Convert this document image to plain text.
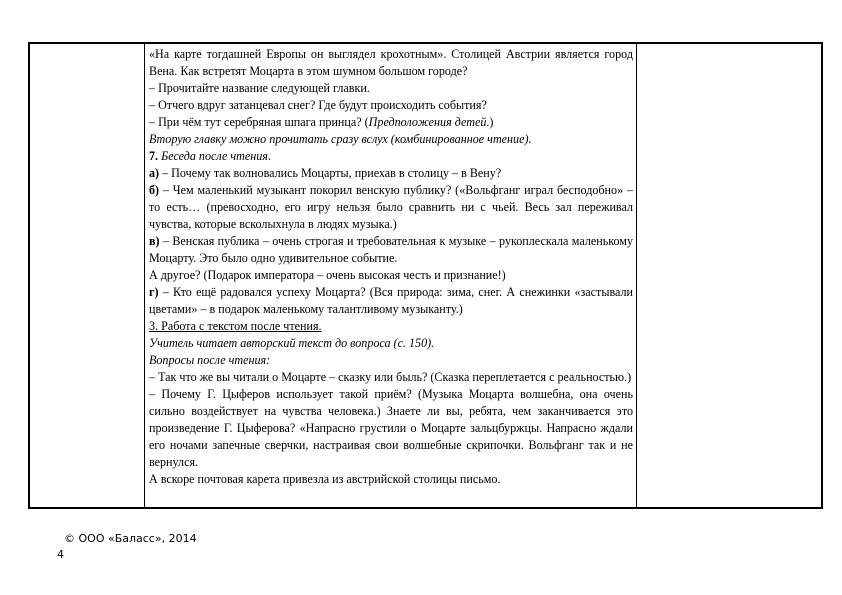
«На карте тогдашней Европы он выглядел крохотным». Столицей Австрии является город Вена. Как встретят Моцарта в этом шумном большом городе?

– Прочитайте название следующей главки.

– Отчего вдруг затанцевал снег? Где будут происходить события?

– При чём тут серебряная шпага принца? (Предположения детей.)

Вторую главку можно прочитать сразу вслух (комбинированное чтение).

7. Беседа после чтения.

а) – Почему так волновались Моцарты, приехав в столицу – в Вену?

б) – Чем маленький музыкант покорил венскую публику? («Вольфганг играл бесподобно» – то есть… (превосходно, его игру нельзя было сравнить ни с чьей. Весь зал переживал чувства, которые всколыхнула в людях музыка.)

в) – Венская публика – очень строгая и требовательная к музыке – рукоплескала маленькому Моцарту. Это было одно удивительное событие.

А другое? (Подарок императора – очень высокая честь и признание!)

г) – Кто ещё радовался успеху Моцарта? (Вся природа: зима, снег. А снежинки «застывали цветами» – в подарок маленькому талантливому музыканту.)

3. Работа с текстом после чтения.

Учитель читает авторский текст до вопроса (с. 150).

Вопросы после чтения:

– Так что же вы читали о Моцарте – сказку или быль? (Сказка переплетается с реальностью.)

– Почему Г. Цыферов использует такой приём? (Музыка Моцарта волшебна, она очень сильно воздействует на чувства человека.) Знаете ли вы, ребята, чем заканчивается это произведение Г. Цыферова? «Напрасно грустили о Моцарте зальцбуржцы. Напрасно ждали его ночами запечные сверчки, настраивая свои волшебные скрипочки. Вольфганг так и не вернулся.

А вскоре почтовая карета привезла из австрийской столицы письмо.

© ООО «Баласс», 2014
4
